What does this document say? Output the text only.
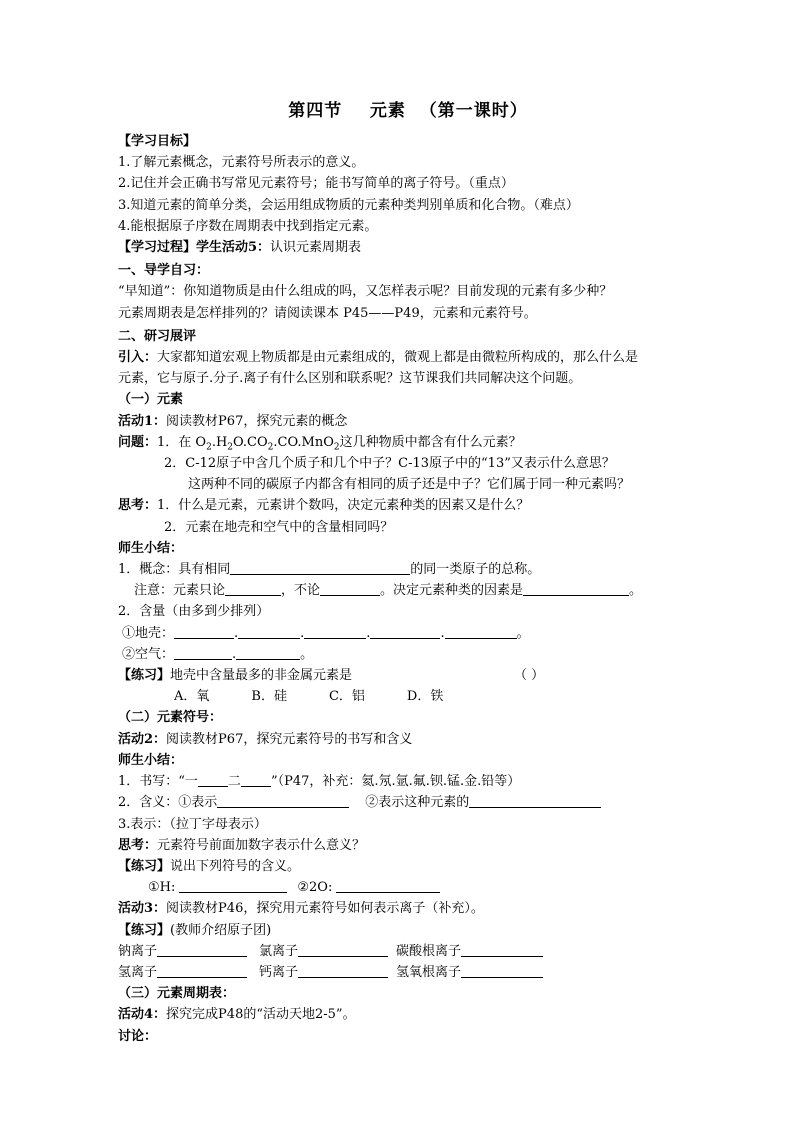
第四节    元素  （第一课时）

【学习目标】

1.了解元素概念，元素符号所表示的意义。

2.记住并会正确书写常见元素符号；能书写简单的离子符号。（重点）

3.知道元素的简单分类，会运用组成物质的元素种类判别单质和化合物。（难点）

4.能根据原子序数在周期表中找到指定元素。

【学习过程】学生活动5：认识元素周期表

一、导学自习：

“早知道”：你知道物质是由什么组成的吗，又怎样表示呢？目前发现的元素有多少种？

元素周期表是怎样排列的？请阅读课本 P45——P49，元素和元素符号。

二、研习展评

引入：大家都知道宏观上物质都是由元素组成的，微观上都是由微粒所构成的，那么什么是

元素，它与原子.分子.离子有什么区别和联系呢？这节课我们共同解决这个问题。

（一）元素

活动1：阅读教材P67，探究元素的概念

问题：1．在 $O_2.H_2O.CO_2.CO.MnO_2$这几种物质中都含有什么元素？

2．C-12原子中含几个质子和几个中子？C-13原子中的“13”又表示什么意思？

这两种不同的碳原子内都含有相同的质子还是中子？它们属于同一种元素吗？

思考：1．什么是元素，元素讲个数吗，决定元素种类的因素又是什么？

2．元素在地壳和空气中的含量相同吗？

师生小结：

1．概念：具有相同	的同一类原子的总称。

注意：元素只论	，不论	。决定元素种类的因素是	。

2．含量（由多到少排列）

①地壳：	.	.	.	.	。

②空气：	.	。

【练习】地壳中含量最多的非金属元素是	（ ）

A．氧	B．硅	C．铝	D．铁

（二）元素符号：

活动2：阅读教材P67，探究元素符号的书写和含义

师生小结：

1．书写：“一 二 ”（P47，补充：氦.氖.氩.氟.钡.锰.金.铅等）

2．含义：①表示	②表示这种元素的

3.表示：（拉丁字母表示）

思考：元素符号前面加数字表示什么意义？

【练习】说出下列符号的含义。

①H:	②2O:

活动3：阅读教材P46，探究用元素符号如何表示离子（补充）。

【练习】(教师介绍原子团)

钠离子	氯离子	碳酸根离子

氢离子	钙离子	氢氧根离子

（三）元素周期表：

活动4：探究完成P48的“活动天地2-5”。

讨论：
